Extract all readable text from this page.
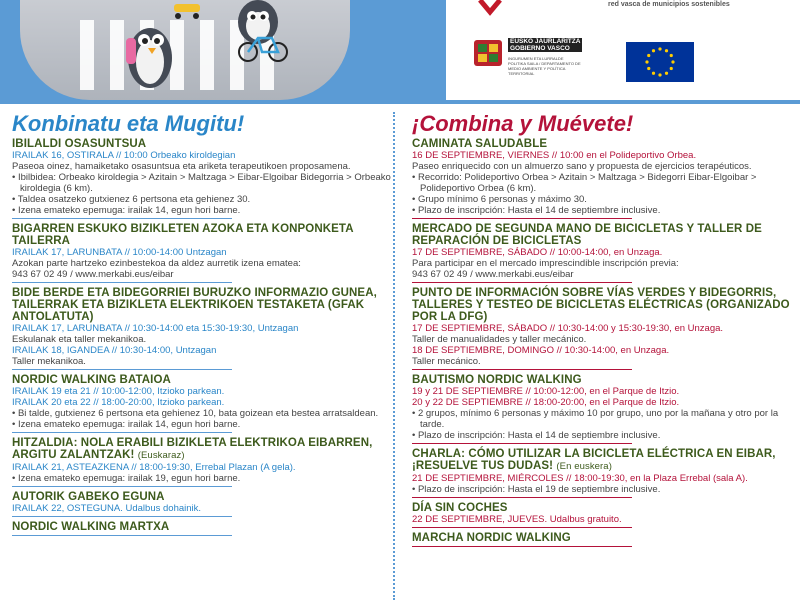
red vasca de municipios sostenibles
EUSKO JAURLARITZA
GOBIERNO VASCO
INGURUMEN ETA LURRALDE POLITIKA SAILA / DEPARTAMENTO DE MEDIO AMBIENTE Y POLÍTICA TERRITORIAL
Konbinatu eta Mugitu!
IBILALDI OSASUNTSUA
IRAILAK 16, OSTIRALA // 10:00 Orbeako kiroldegian
Paseoa oinez, hamaiketako osasuntsua eta ariketa terapeutikoen proposamena.
• Ibilbidea: Orbeako kiroldegia > Azitain > Maltzaga > Eibar-Elgoibar Bidegorria > Orbeako kiroldegia (6 km).
• Taldea osatzeko gutxienez 6 pertsona eta gehienez 30.
• Izena emateko epemuga: irailak 14, egun hori barne.
BIGARREN ESKUKO BIZIKLETEN AZOKA ETA KONPONKETA TAILERRA
IRAILAK 17, LARUNBATA // 10:00-14:00 Untzagan
Azokan parte hartzeko ezinbestekoa da aldez aurretik izena ematea:
943 67 02 49 / www.merkabi.eus/eibar
BIDE BERDE ETA BIDEGORRIEI BURUZKO INFORMAZIO GUNEA, TAILERRAK ETA BIZIKLETA ELEKTRIKOEN TESTAKETA (GFAK ANTOLATUTA)
IRAILAK 17, LARUNBATA // 10:30-14:00 eta 15:30-19:30, Untzagan
Eskulanak eta taller mekanikoa.
IRAILAK 18, IGANDEA // 10:30-14:00, Untzagan
Taller mekanikoa.
NORDIC WALKING BATAIOA
IRAILAK 19 eta 21 // 10:00-12:00, Itzioko parkean.
IRAILAK 20 eta 22 // 18:00-20:00, Itzioko parkean.
• Bi talde, gutxienez 6 pertsona eta gehienez 10, bata goizean eta bestea arratsaldean.
• Izena emateko epemuga: irailak 14, egun hori barne.
HITZALDIA: NOLA ERABILI BIZIKLETA ELEKTRIKOA EIBARREN, ARGITU ZALANTZAK! (Euskaraz)
IRAILAK 21, ASTEAZKENA // 18:00-19:30, Errebal Plazan (A gela).
• Izena emateko epemuga: irailak 19, egun hori barne.
AUTORIK GABEKO EGUNA
IRAILAK 22, OSTEGUNA. Udalbus dohainik.
NORDIC WALKING MARTXA
¡Combina y Muévete!
CAMINATA SALUDABLE
16 DE SEPTIEMBRE, VIERNES // 10:00 en el Polideportivo Orbea.
Paseo enriquecido con un almuerzo sano y propuesta de ejercicios terapéuticos.
• Recorrido: Polideportivo Orbea > Azitain > Maltzaga > Bidegorri Eibar-Elgoibar > Polideportivo Orbea (6 km).
• Grupo mínimo 6 personas y máximo 30.
• Plazo de inscripción: Hasta el 14 de septiembre inclusive.
MERCADO DE SEGUNDA MANO DE BICICLETAS Y TALLER DE REPARACIÓN DE BICICLETAS
17 DE SEPTIEMBRE, SÁBADO // 10:00-14:00, en Unzaga.
Para participar en el mercado imprescindible inscripción previa:
943 67 02 49 / www.merkabi.eus/eibar
PUNTO DE INFORMACIÓN SOBRE VÍAS VERDES Y BIDEGORRIS, TALLERES Y TESTEO DE BICICLETAS ELÉCTRICAS (ORGANIZADO POR LA DFG)
17 DE SEPTIEMBRE, SÁBADO // 10:30-14:00 y 15:30-19:30, en Unzaga.
Taller de manualidades y taller mecánico.
18 DE SEPTIEMBRE, DOMINGO // 10:30-14:00, en Unzaga.
Taller mecánico.
BAUTISMO NORDIC WALKING
19 y 21 DE SEPTIEMBRE // 10:00-12:00, en el Parque de Itzio.
20 y 22 DE SEPTIEMBRE // 18:00-20:00, en el Parque de Itzio.
• 2 grupos, mínimo 6 personas y máximo 10 por grupo, uno por la mañana y otro por la tarde.
• Plazo de inscripción: Hasta el 14 de septiembre inclusive.
CHARLA: CÓMO UTILIZAR LA BICICLETA ELÉCTRICA EN EIBAR, ¡RESUELVE TUS DUDAS! (En euskera)
21 DE SEPTIEMBRE, MIÉRCOLES // 18:00-19:30, en la Plaza Errebal (sala A).
• Plazo de inscripción: Hasta el 19 de septiembre inclusive.
DÍA SIN COCHES
22 DE SEPTIEMBRE, JUEVES. Udalbus gratuito.
MARCHA NORDIC WALKING
